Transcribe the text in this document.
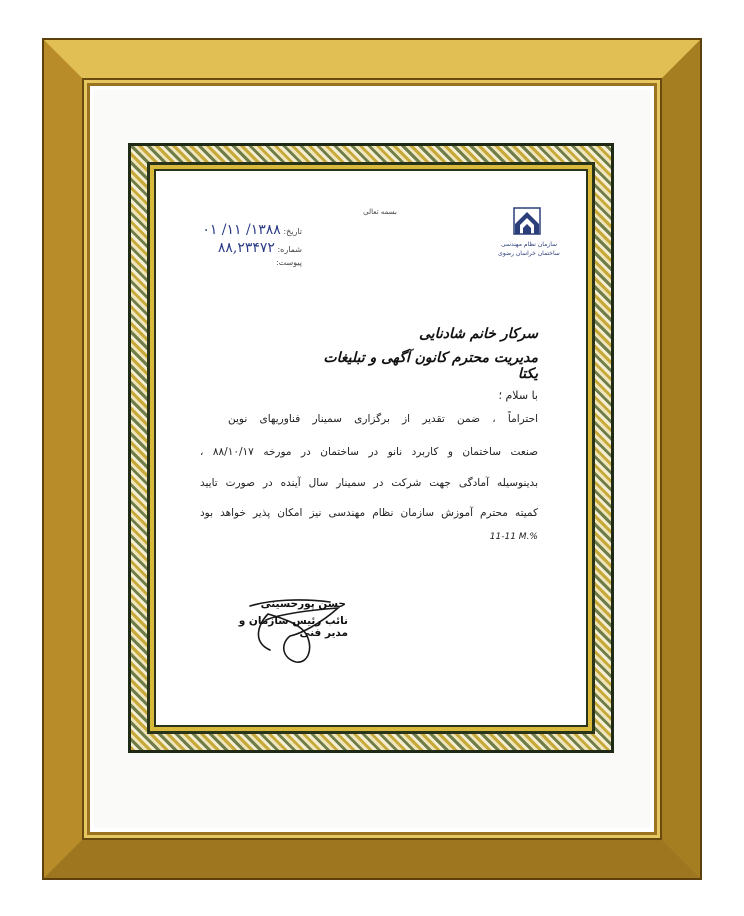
بسمه تعالی
سازمان نظام مهندسی
ساختمان خراسان رضوی
تاریخ: ۱۳۸۸/ ۱۱/ ۰۱
شماره: ۸۸,۲۳۴۷۲
پیوست:
سرکار خانم شادنایی
مدیریت محترم کانون آگهی و تبلیغات یکتا
با سلام ؛
احتراماً ، ضمن تقدیر از برگزاری سمینار فناوریهای نوین
صنعت ساختمان و کاربرد نانو در ساختمان در مورخه ۸۸/۱۰/۱۷ ،
بدینوسیله آمادگی جهت شرکت در سمینار سال آینده در صورت تایید
کمیته محترم آموزش سازمان نظام مهندسی نیز امکان پذیر خواهد بود
11-11 M.%
حسن پورحسینی
نائب رئیس سازمان و مدیر فنی
